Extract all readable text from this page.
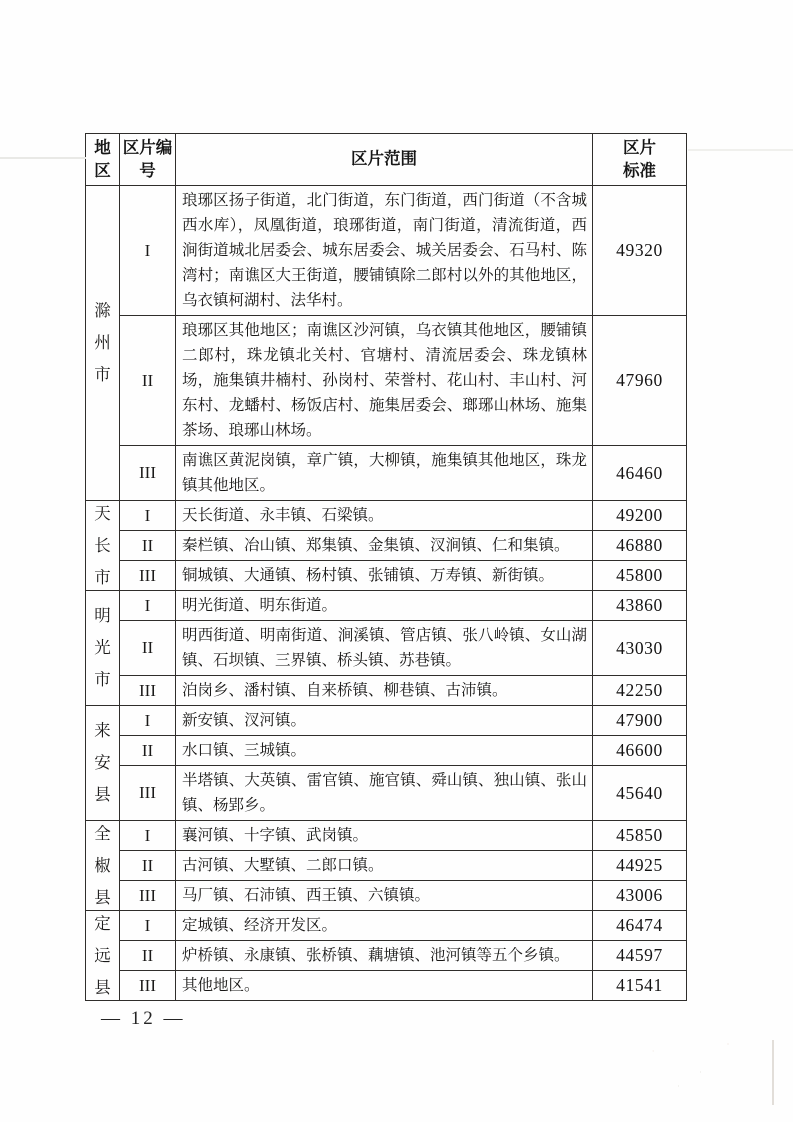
地区	区片编号	区片范围	区片标准

滁
州
市	I	琅琊区扬子街道，北门街道，东门街道，西门街道（不含城西水库），凤凰街道，琅琊街道，南门街道，清流街道，西涧街道城北居委会、城东居委会、城关居委会、石马村、陈湾村；南谯区大王街道，腰铺镇除二郎村以外的其他地区，乌衣镇柯湖村、法华村。	49320
	II	琅琊区其他地区；南谯区沙河镇，乌衣镇其他地区，腰铺镇二郎村，珠龙镇北关村、官塘村、清流居委会、珠龙镇林场，施集镇井楠村、孙岗村、荣誉村、花山村、丰山村、河东村、龙蟠村、杨饭店村、施集居委会、瑯琊山林场、施集茶场、琅琊山林场。	47960
	III	南谯区黄泥岗镇，章广镇，大柳镇，施集镇其他地区，珠龙镇其他地区。	46460

天
长
市	I	天长街道、永丰镇、石梁镇。	49200
	II	秦栏镇、冶山镇、郑集镇、金集镇、汊涧镇、仁和集镇。	46880
	III	铜城镇、大通镇、杨村镇、张铺镇、万寿镇、新街镇。	45800

明
光
市	I	明光街道、明东街道。	43860
	II	明西街道、明南街道、涧溪镇、管店镇、张八岭镇、女山湖镇、石坝镇、三界镇、桥头镇、苏巷镇。	43030
	III	泊岗乡、潘村镇、自来桥镇、柳巷镇、古沛镇。	42250

来
安
县	I	新安镇、汊河镇。	47900
	II	水口镇、三城镇。	46600
	III	半塔镇、大英镇、雷官镇、施官镇、舜山镇、独山镇、张山镇、杨郢乡。	45640

全
椒
县	I	襄河镇、十字镇、武岗镇。	45850
	II	古河镇、大墅镇、二郎口镇。	44925
	III	马厂镇、石沛镇、西王镇、六镇镇。	43006

定
远
县	I	定城镇、经济开发区。	46474
	II	炉桥镇、永康镇、张桥镇、藕塘镇、池河镇等五个乡镇。	44597
	III	其他地区。	41541
— 12 —
